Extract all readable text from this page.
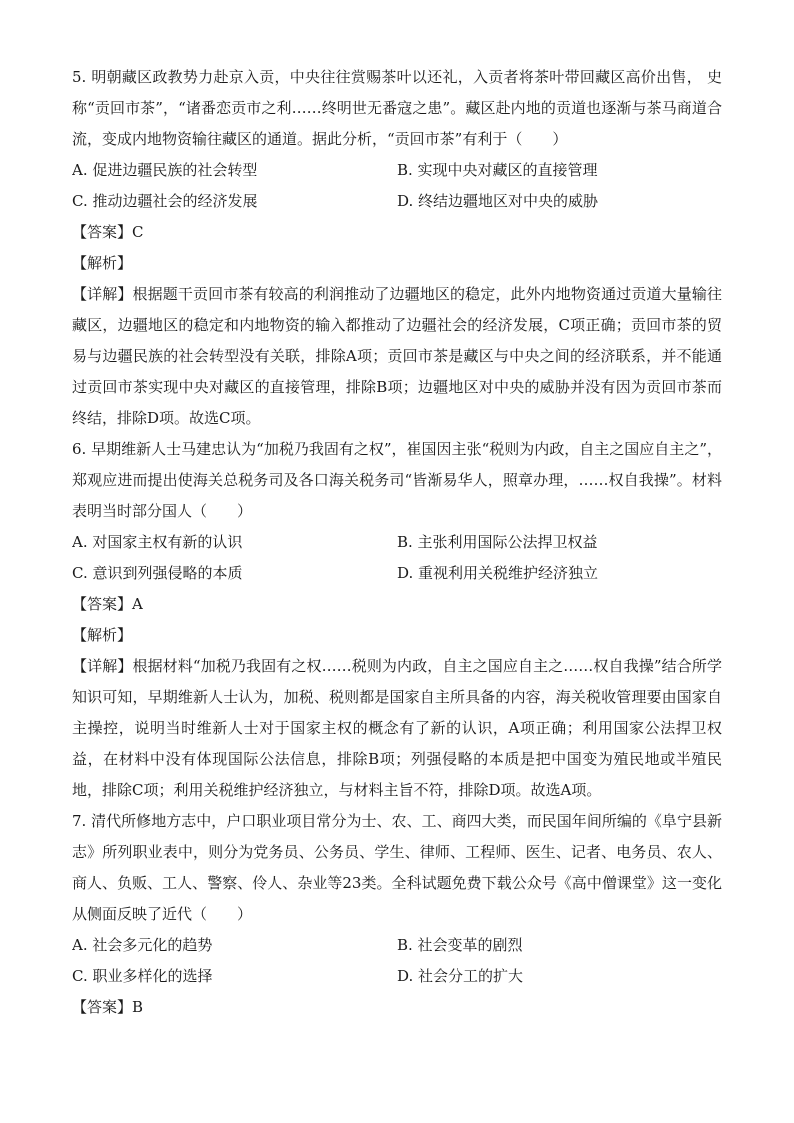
5. 明朝藏区政教势力赴京入贡，中央往往赏赐茶叶以还礼，入贡者将茶叶带回藏区高价出售， 史称“贡回市茶”，“诸番恋贡市之利……终明世无番寇之患”。藏区赴内地的贡道也逐渐与茶马商道合流，变成内地物资输往藏区的通道。据此分析，“贡回市茶”有利于（　　）

A. 促进边疆民族的社会转型	B. 实现中央对藏区的直接管理
C. 推动边疆社会的经济发展	D. 终结边疆地区对中央的威胁

【答案】C

【解析】

【详解】根据题干贡回市茶有较高的利润推动了边疆地区的稳定，此外内地物资通过贡道大量输往藏区，边疆地区的稳定和内地物资的输入都推动了边疆社会的经济发展，C项正确；贡回市茶的贸易与边疆民族的社会转型没有关联，排除A项；贡回市茶是藏区与中央之间的经济联系，并不能通过贡回市茶实现中央对藏区的直接管理，排除B项；边疆地区对中央的威胁并没有因为贡回市茶而终结，排除D项。故选C项。

6. 早期维新人士马建忠认为“加税乃我固有之权”，崔国因主张“税则为内政，自主之国应自主之”，郑观应进而提出使海关总税务司及各口海关税务司“皆渐易华人，照章办理，……权自我操”。材料表明当时部分国人（　　）

A. 对国家主权有新的认识	B. 主张利用国际公法捍卫权益
C. 意识到列强侵略的本质	D. 重视利用关税维护经济独立

【答案】A

【解析】

【详解】根据材料“加税乃我固有之权……税则为内政，自主之国应自主之……权自我操”结合所学知识可知，早期维新人士认为，加税、税则都是国家自主所具备的内容，海关税收管理要由国家自主操控，说明当时维新人士对于国家主权的概念有了新的认识，A项正确；利用国家公法捍卫权益，在材料中没有体现国际公法信息，排除B项；列强侵略的本质是把中国变为殖民地或半殖民地，排除C项；利用关税维护经济独立，与材料主旨不符，排除D项。故选A项。

7. 清代所修地方志中，户口职业项目常分为士、农、工、商四大类，而民国年间所编的《阜宁县新志》所列职业表中，则分为党务员、公务员、学生、律师、工程师、医生、记者、电务员、农人、商人、负贩、工人、警察、伶人、杂业等23类。全科试题免费下载公众号《高中僧课堂》这一变化从侧面反映了近代（　　）

A. 社会多元化的趋势	B. 社会变革的剧烈
C. 职业多样化的选择	D. 社会分工的扩大

【答案】B
